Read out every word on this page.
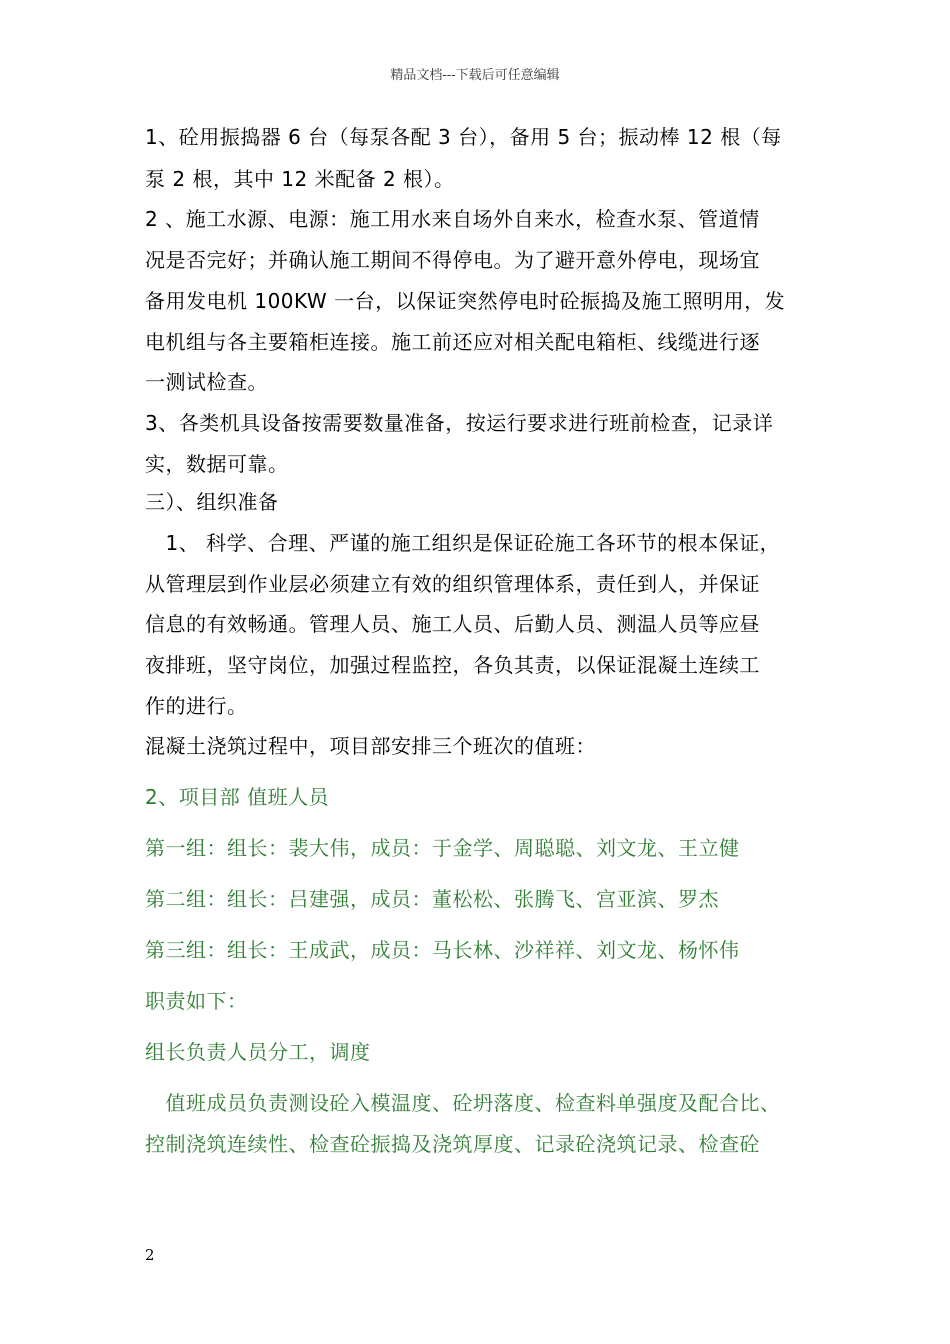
精品文档---下载后可任意编辑
1、砼用振捣器 6 台（每泵各配 3 台），备用 5 台；振动棒 12 根（每
泵 2 根，其中 12 米配备 2 根）。
2 、施工水源、电源：施工用水来自场外自来水，检查水泵、管道情
况是否完好；并确认施工期间不得停电。为了避开意外停电，现场宜
备用发电机 100KW 一台，以保证突然停电时砼振捣及施工照明用，发
电机组与各主要箱柜连接。施工前还应对相关配电箱柜、线缆进行逐
一测试检查。
3、各类机具设备按需要数量准备，按运行要求进行班前检查，记录详
实，数据可靠。
三）、组织准备
　1、 科学、合理、严谨的施工组织是保证砼施工各环节的根本保证，
从管理层到作业层必须建立有效的组织管理体系，责任到人，并保证
信息的有效畅通。管理人员、施工人员、后勤人员、测温人员等应昼
夜排班，坚守岗位，加强过程监控，各负其责，以保证混凝土连续工
作的进行。
混凝土浇筑过程中，项目部安排三个班次的值班：
2、项目部 值班人员
第一组：组长：裴大伟，成员：于金学、周聪聪、刘文龙、王立健
第二组：组长：吕建强，成员：董松松、张腾飞、宫亚滨、罗杰
第三组：组长：王成武，成员：马长林、沙祥祥、刘文龙、杨怀伟
职责如下：
组长负责人员分工，调度
　值班成员负责测设砼入模温度、砼坍落度、检查料单强度及配合比、
控制浇筑连续性、检查砼振捣及浇筑厚度、记录砼浇筑记录、检查砼
2
